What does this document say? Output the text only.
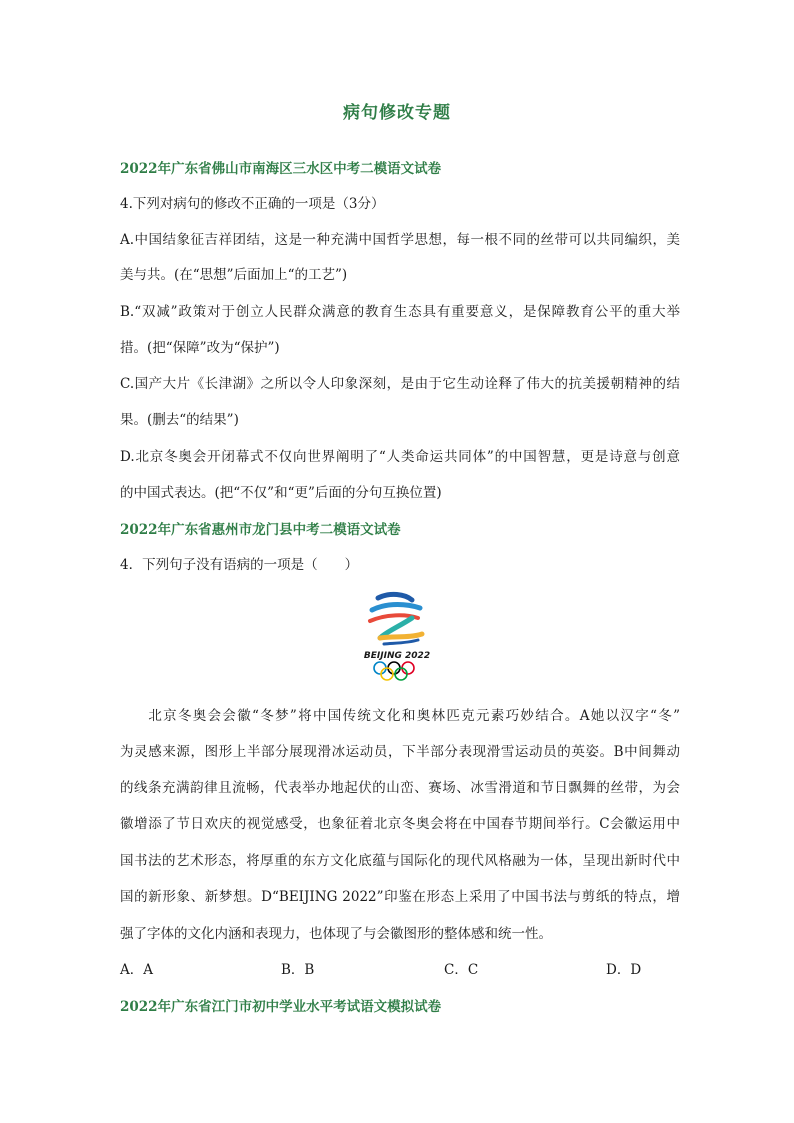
病句修改专题
2022年广东省佛山市南海区三水区中考二模语文试卷
4.下列对病句的修改不正确的一项是（3分）
A.中国结象征吉祥团结，这是一种充满中国哲学思想，每一根不同的丝带可以共同编织，美
美与共。(在“思想”后面加上“的工艺”)
B.“双减”政策对于创立人民群众满意的教育生态具有重要意义，是保障教育公平的重大举
措。(把“保障”改为“保护”)
C.国产大片《长津湖》之所以令人印象深刻，是由于它生动诠释了伟大的抗美援朝精神的结
果。(删去“的结果”)
D.北京冬奥会开闭幕式不仅向世界阐明了“人类命运共同体”的中国智慧，更是诗意与创意
的中国式表达。(把“不仅”和“更”后面的分句互换位置)
2022年广东省惠州市龙门县中考二模语文试卷
4．下列句子没有语病的一项是（　　）
BEIJING 2022
北京冬奥会会徽“冬梦”将中国传统文化和奥林匹克元素巧妙结合。A她以汉字“冬”
为灵感来源，图形上半部分展现滑冰运动员，下半部分表现滑雪运动员的英姿。B中间舞动
的线条充满韵律且流畅，代表举办地起伏的山峦、赛场、冰雪滑道和节日飘舞的丝带，为会
徽增添了节日欢庆的视觉感受，也象征着北京冬奥会将在中国春节期间举行。C会徽运用中
国书法的艺术形态，将厚重的东方文化底蕴与国际化的现代风格融为一体，呈现出新时代中
国的新形象、新梦想。D“BEIJING 2022”印鉴在形态上采用了中国书法与剪纸的特点，增
强了字体的文化内涵和表现力，也体现了与会徽图形的整体感和统一性。
A．A	B．B	C．C	D．D
2022年广东省江门市初中学业水平考试语文模拟试卷
